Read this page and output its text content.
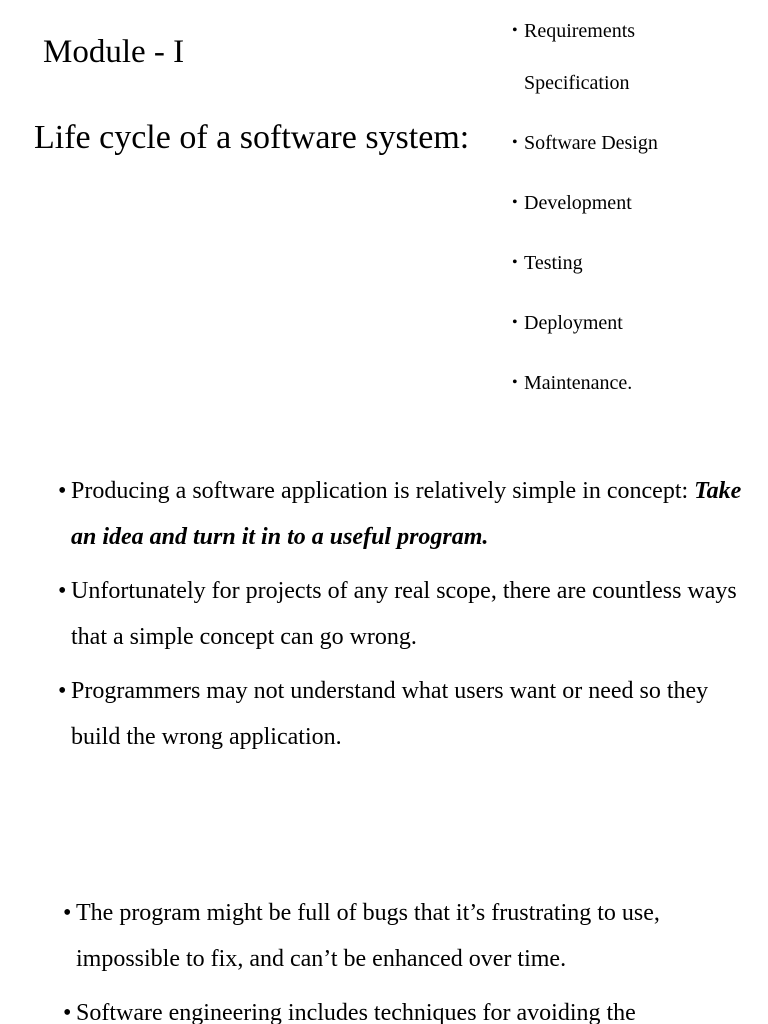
Module - I
Life cycle of a software system:
• Requirements
Specification
• Software Design
• Development
• Testing
• Deployment
• Maintenance.
• Producing a software application is relatively simple in concept: Take an idea and turn it in to a useful program.
• Unfortunately for projects of any real scope, there are countless ways that a simple concept can go wrong.
• Programmers may not understand what users want or need so they build the wrong application.
• The program might be full of bugs that it’s frustrating to use, impossible to fix, and can’t be enhanced over time.
• Software engineering includes techniques for avoiding the
